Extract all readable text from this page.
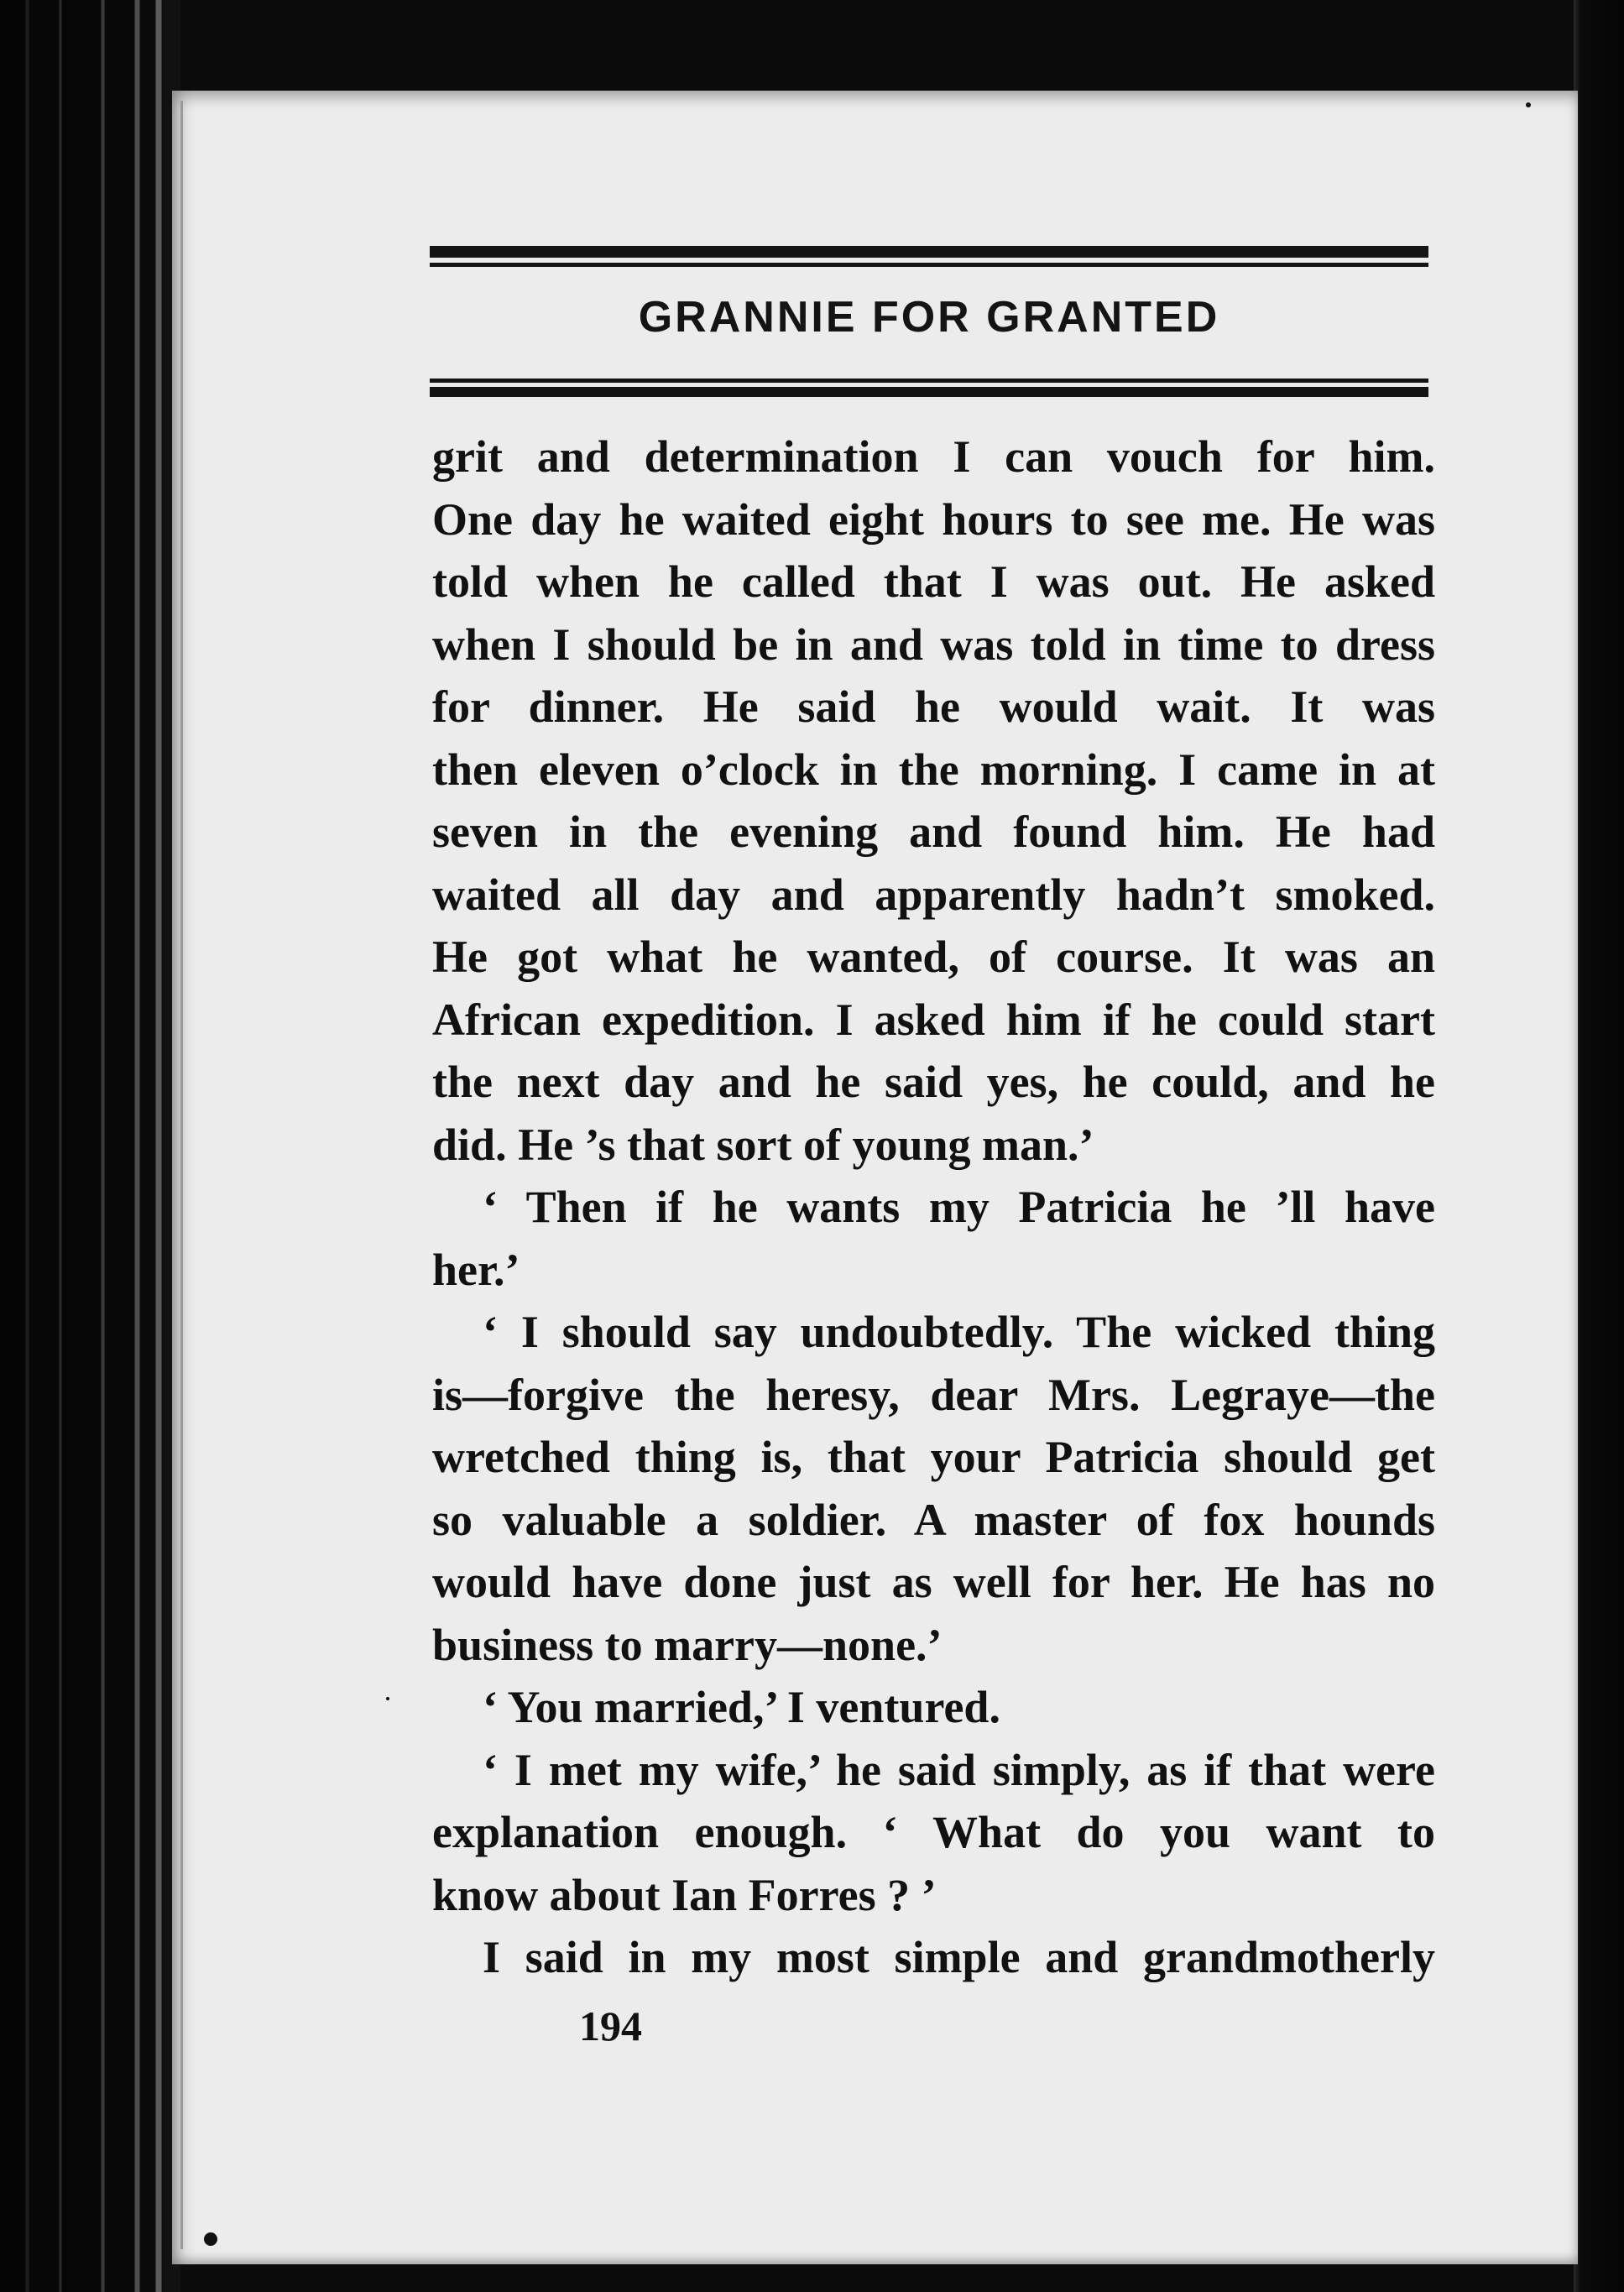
GRANNIE FOR GRANTED
grit and determination I can vouch for him.
One day he waited eight hours to see me. He was
told when he called that I was out. He asked
when I should be in and was told in time to dress
for dinner. He said he would wait. It was
then eleven o’clock in the morning. I came in at
seven in the evening and found him. He had
waited all day and apparently hadn’t smoked.
He got what he wanted, of course. It was an
African expedition. I asked him if he could start
the next day and he said yes, he could, and he
did. He ’s that sort of young man.’
‘ Then if he wants my Patricia he ’ll have
her.’
‘ I should say undoubtedly. The wicked thing
is—forgive the heresy, dear Mrs. Legraye—the
wretched thing is, that your Patricia should get
so valuable a soldier. A master of fox hounds
would have done just as well for her. He has no
business to marry—none.’
‘ You married,’ I ventured.
‘ I met my wife,’ he said simply, as if that were
explanation enough. ‘ What do you want to
know about Ian Forres ? ’
I said in my most simple and grandmotherly
194
